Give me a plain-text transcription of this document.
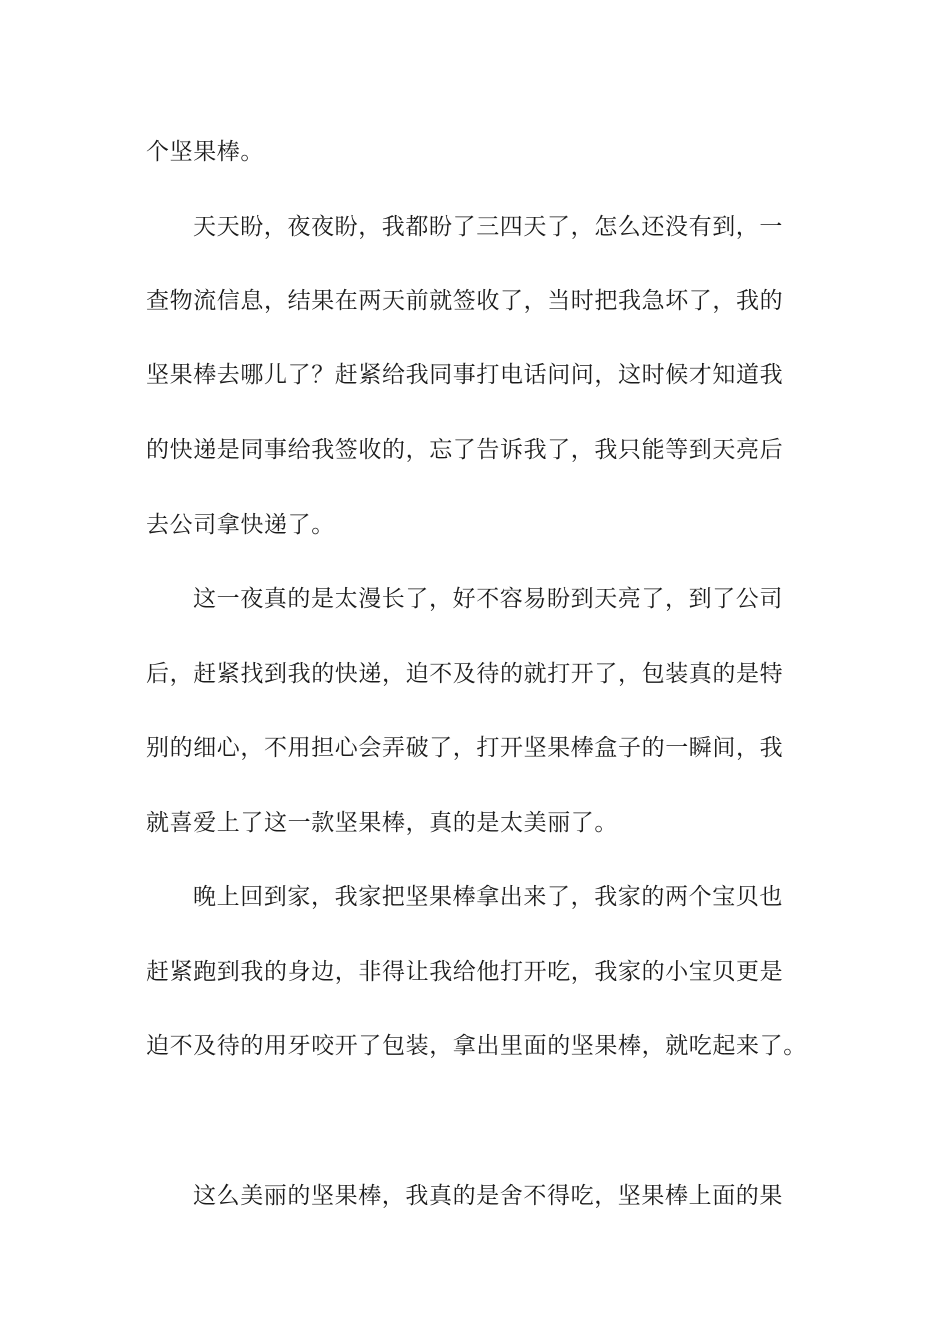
个坚果棒。
天天盼，夜夜盼，我都盼了三四天了，怎么还没有到，一
查物流信息，结果在两天前就签收了，当时把我急坏了，我的
坚果棒去哪儿了？赶紧给我同事打电话问问，这时候才知道我
的快递是同事给我签收的，忘了告诉我了，我只能等到天亮后
去公司拿快递了。
这一夜真的是太漫长了，好不容易盼到天亮了，到了公司
后，赶紧找到我的快递，迫不及待的就打开了，包装真的是特
别的细心，不用担心会弄破了，打开坚果棒盒子的一瞬间，我
就喜爱上了这一款坚果棒，真的是太美丽了。
晚上回到家，我家把坚果棒拿出来了，我家的两个宝贝也
赶紧跑到我的身边，非得让我给他打开吃，我家的小宝贝更是
迫不及待的用牙咬开了包装，拿出里面的坚果棒，就吃起来了。
这么美丽的坚果棒，我真的是舍不得吃，坚果棒上面的果
